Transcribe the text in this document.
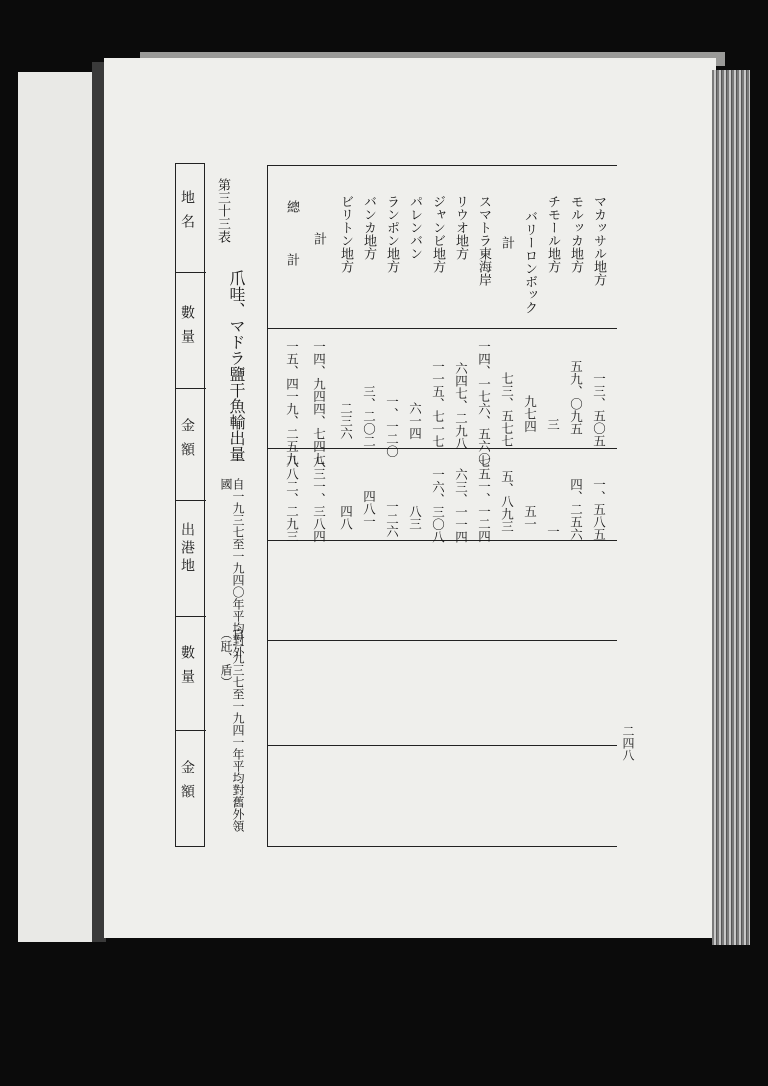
地名
數量
金額
出港地
數量
金額
第三十三表
爪哇、マドラ鹽干魚輸出量
自一九三七至一九四〇年平均對外國
自一九三七至一九四一年平均對舊外領（瓩、盾）
マカッサル地方
一三、五〇五
一、五八五
モルッカ地方
五九、〇九五
四、二五六
チモール地方
三
一
バリーロンボック
九七四
五一
計
七三、五七七
五、八九三
スマトラ東海岸
一四、一七六、五六〇
七五一、一二四
リウオ地方
六四七、二九八
六三、一一四
ジャンビ地方
一一五、七一七
一六、三〇八
パレンバン
六一四
八三
ランポン地方
一、一二〇
一二六
バンカ地方
三、二〇二
四八一
ビリトン地方
二三六
四八
計
一四、九四四、七四七
八三一、三八四
總計
一五、四一九、二五九
八八二、二九三
二四八
